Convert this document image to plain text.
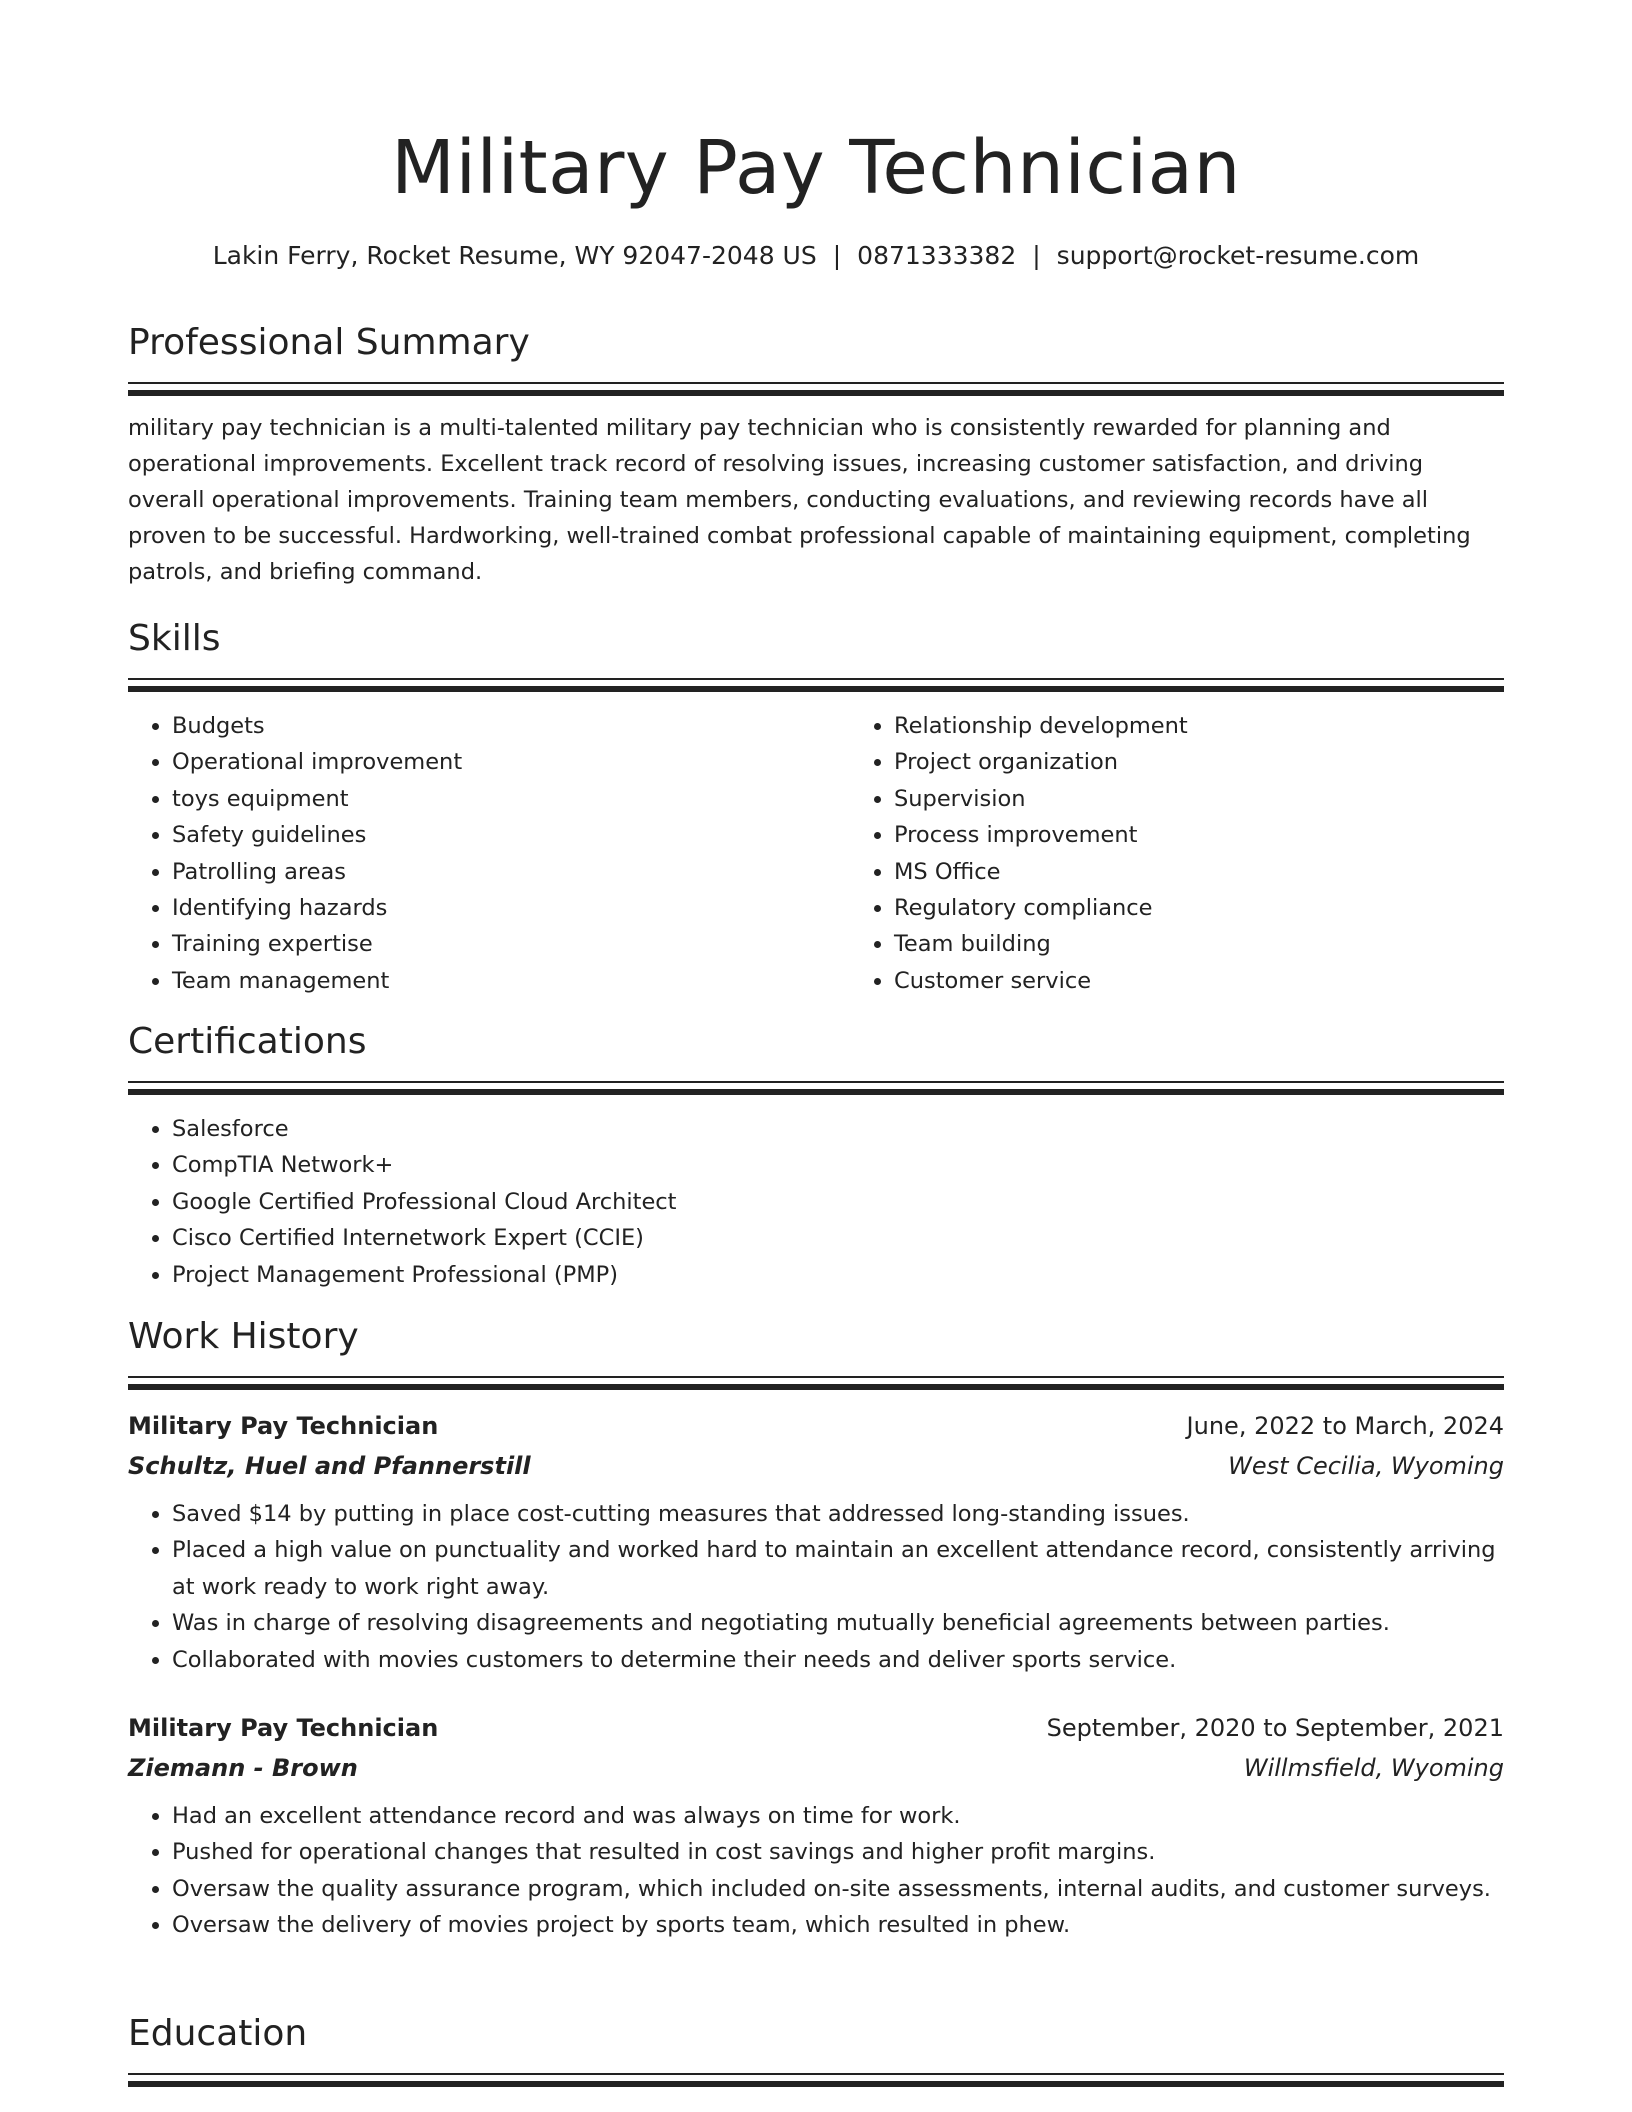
Military Pay Technician
Lakin Ferry, Rocket Resume, WY 92047-2048 US | 0871333382 | support@rocket-resume.com
Professional Summary

military pay technician is a multi-talented military pay technician who is consistently rewarded for planning and operational improvements. Excellent track record of resolving issues, increasing customer satisfaction, and driving overall operational improvements. Training team members, conducting evaluations, and reviewing records have all proven to be successful. Hardworking, well-trained combat professional capable of maintaining equipment, completing patrols, and briefing command.

Skills
• Budgets
• Operational improvement
• toys equipment
• Safety guidelines
• Patrolling areas
• Identifying hazards
• Training expertise
• Team management
• Relationship development
• Project organization
• Supervision
• Process improvement
• MS Office
• Regulatory compliance
• Team building
• Customer service
Certifications
• Salesforce
• CompTIA Network+
• Google Certified Professional Cloud Architect
• Cisco Certified Internetwork Expert (CCIE)
• Project Management Professional (PMP)
Work History
Military Pay Technician	June, 2022 to March, 2024
Schultz, Huel and Pfannerstill	West Cecilia, Wyoming
• Saved $14 by putting in place cost-cutting measures that addressed long-standing issues.
• Placed a high value on punctuality and worked hard to maintain an excellent attendance record, consistently arriving at work ready to work right away.
• Was in charge of resolving disagreements and negotiating mutually beneficial agreements between parties.
• Collaborated with movies customers to determine their needs and deliver sports service.
Military Pay Technician	September, 2020 to September, 2021
Ziemann - Brown	Willmsfield, Wyoming
• Had an excellent attendance record and was always on time for work.
• Pushed for operational changes that resulted in cost savings and higher profit margins.
• Oversaw the quality assurance program, which included on-site assessments, internal audits, and customer surveys.
• Oversaw the delivery of movies project by sports team, which resulted in phew.
Education
